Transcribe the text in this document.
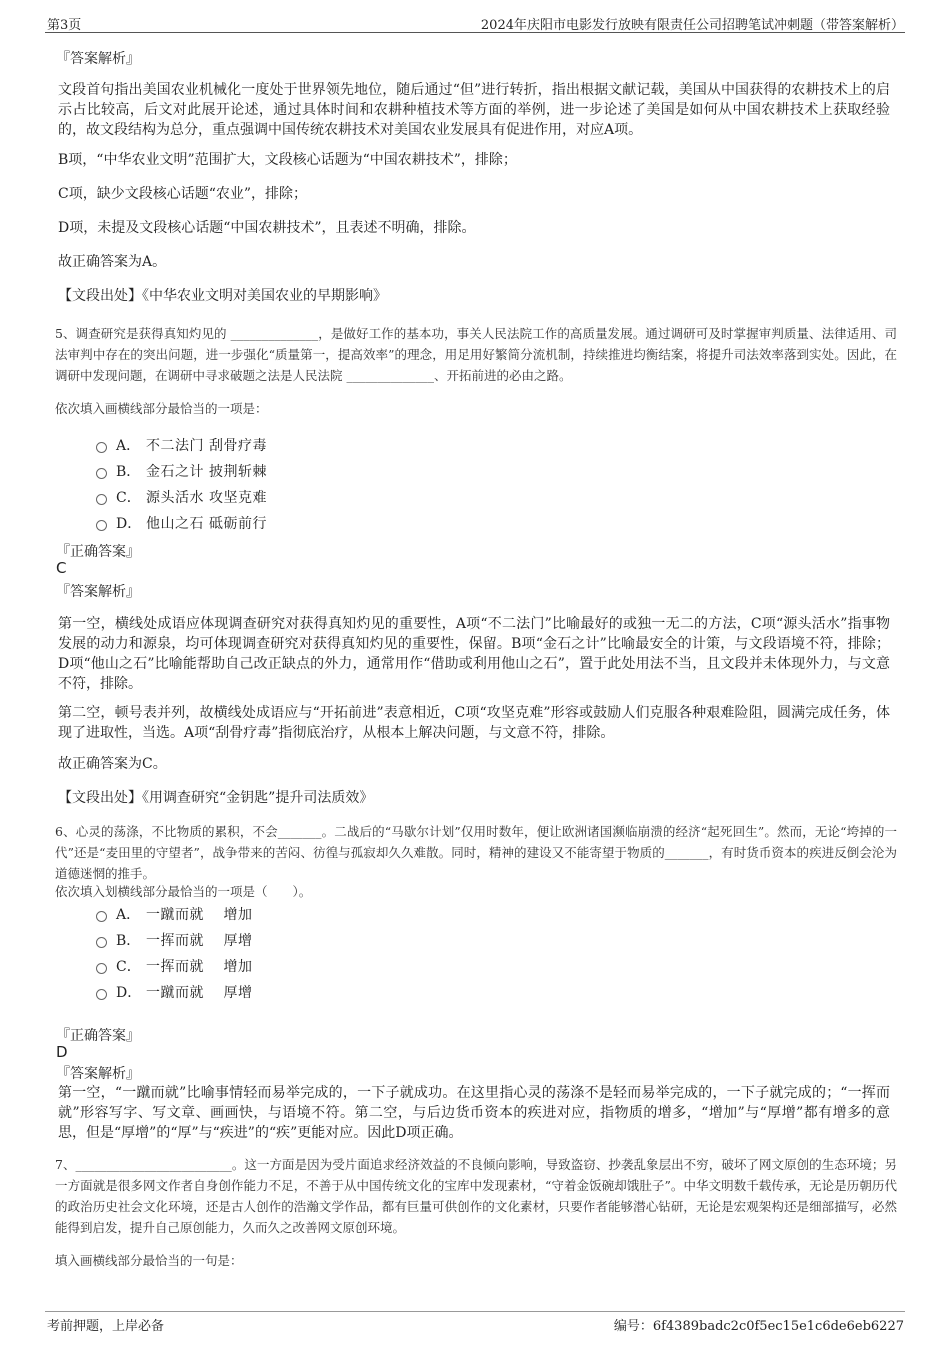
第3页	2024年庆阳市电影发行放映有限责任公司招聘笔试冲刺题（带答案解析）
『答案解析』
文段首句指出美国农业机械化一度处于世界领先地位，随后通过“但”进行转折，指出根据文献记载，美国从中国获得的农耕技术上的启示占比较高，后文对此展开论述，通过具体时间和农耕种植技术等方面的举例，进一步论述了美国是如何从中国农耕技术上获取经验的，故文段结构为总分，重点强调中国传统农耕技术对美国农业发展具有促进作用，对应A项。
B项，“中华农业文明”范围扩大，文段核心话题为“中国农耕技术”，排除；
C项，缺少文段核心话题“农业”，排除；
D项，未提及文段核心话题“中国农耕技术”，且表述不明确，排除。
故正确答案为A。
【文段出处】《中华农业文明对美国农业的早期影响》
5、调查研究是获得真知灼见的 ______________，是做好工作的基本功，事关人民法院工作的高质量发展。通过调研可及时掌握审判质量、法律适用、司法审判中存在的突出问题，进一步强化“质量第一，提高效率”的理念，用足用好繁简分流机制，持续推进均衡结案，将提升司法效率落到实处。因此，在调研中发现问题，在调研中寻求破题之法是人民法院 ______________、开拓前进的必由之路。
依次填入画横线部分最恰当的一项是：
A． 不二法门 刮骨疗毒
B． 金石之计 披荆斩棘
C． 源头活水 攻坚克难
D． 他山之石 砥砺前行
『正确答案』
C
『答案解析』
第一空，横线处成语应体现调查研究对获得真知灼见的重要性，A项“不二法门”比喻最好的或独一无二的方法，C项“源头活水”指事物发展的动力和源泉，均可体现调查研究对获得真知灼见的重要性，保留。B项“金石之计”比喻最安全的计策，与文段语境不符，排除；D项“他山之石”比喻能帮助自己改正缺点的外力，通常用作“借助或利用他山之石”，置于此处用法不当，且文段并未体现外力，与文意不符，排除。
第二空，顿号表并列，故横线处成语应与“开拓前进”表意相近，C项“攻坚克难”形容或鼓励人们克服各种艰难险阻，圆满完成任务，体现了进取性，当选。A项“刮骨疗毒”指彻底治疗，从根本上解决问题，与文意不符，排除。
故正确答案为C。
【文段出处】《用调查研究“金钥匙”提升司法质效》
6、心灵的荡涤，不比物质的累积，不会_______。二战后的“马歇尔计划”仅用时数年，便让欧洲诸国濒临崩溃的经济“起死回生”。然而，无论“垮掉的一代”还是“麦田里的守望者”，战争带来的苦闷、彷徨与孤寂却久久难散。同时，精神的建设又不能寄望于物质的_______，有时货币资本的疾进反倒会沦为道德迷惘的推手。
依次填入划横线部分最恰当的一项是（　　）。
A． 一蹴而就　 增加
B． 一挥而就　 厚增
C． 一挥而就　 增加
D． 一蹴而就　 厚增
『正确答案』
D
『答案解析』
第一空，“一蹴而就”比喻事情轻而易举完成的，一下子就成功。在这里指心灵的荡涤不是轻而易举完成的，一下子就完成的；“一挥而就”形容写字、写文章、画画快，与语境不符。第二空，与后边货币资本的疾进对应，指物质的增多，“增加”与“厚增”都有增多的意思，但是“厚增”的“厚”与“疾进”的“疾”更能对应。因此D项正确。
7、_________________________。这一方面是因为受片面追求经济效益的不良倾向影响，导致盗窃、抄袭乱象层出不穷，破坏了网文原创的生态环境；另一方面就是很多网文作者自身创作能力不足，不善于从中国传统文化的宝库中发现素材，“守着金饭碗却饿肚子”。中华文明数千载传承，无论是历朝历代的政治历史社会文化环境，还是古人创作的浩瀚文学作品，都有巨量可供创作的文化素材，只要作者能够潜心钻研，无论是宏观架构还是细部描写，必然能得到启发，提升自己原创能力，久而久之改善网文原创环境。
填入画横线部分最恰当的一句是：
考前押题，上岸必备	编号：6f4389badc2c0f5ec15e1c6de6eb6227
